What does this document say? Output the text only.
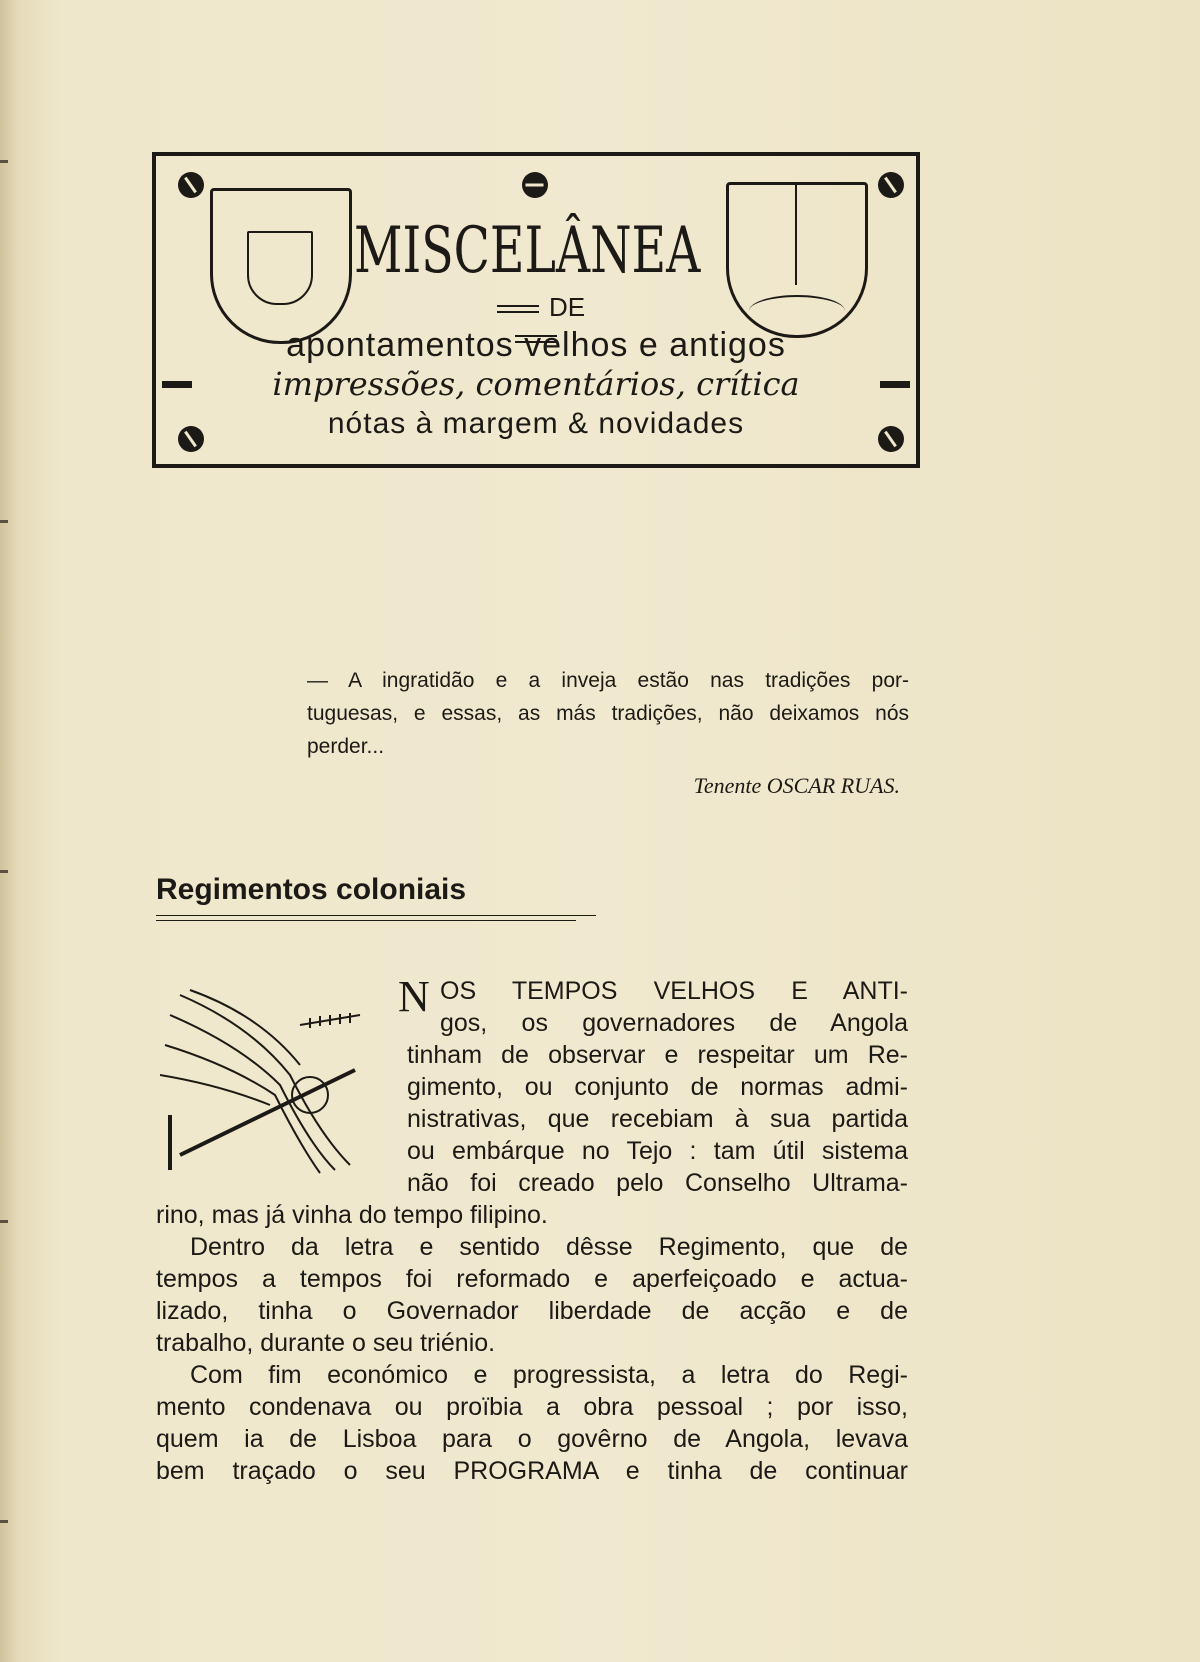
MISCELÂNEA
DE
apontamentos velhos e antigos
impressões, comentários, crítica
nótas à margem & novidades
— A ingratidão e a inveja estão nas tradições por-
tuguesas, e essas, as más tradições, não deixamos nós
perder...
Tenente OSCAR RUAS.
Regimentos coloniais
N OS TEMPOS VELHOS E ANTI-
gos, os governadores de Angola
tinham de observar e respeitar um Re-
gimento, ou conjunto de normas admi-
nistrativas, que recebiam à sua partida
ou embárque no Tejo : tam útil sistema
não foi creado pelo Conselho Ultrama-
rino, mas já vinha do tempo filipino.
Dentro da letra e sentido dêsse Regimento, que de
tempos a tempos foi reformado e aperfeiçoado e actua-
lizado, tinha o Governador liberdade de acção e de
trabalho, durante o seu triénio.
Com fim económico e progressista, a letra do Regi-
mento condenava ou proïbia a obra pessoal ; por isso,
quem ia de Lisboa para o govêrno de Angola, levava
bem traçado o seu PROGRAMA e tinha de continuar
